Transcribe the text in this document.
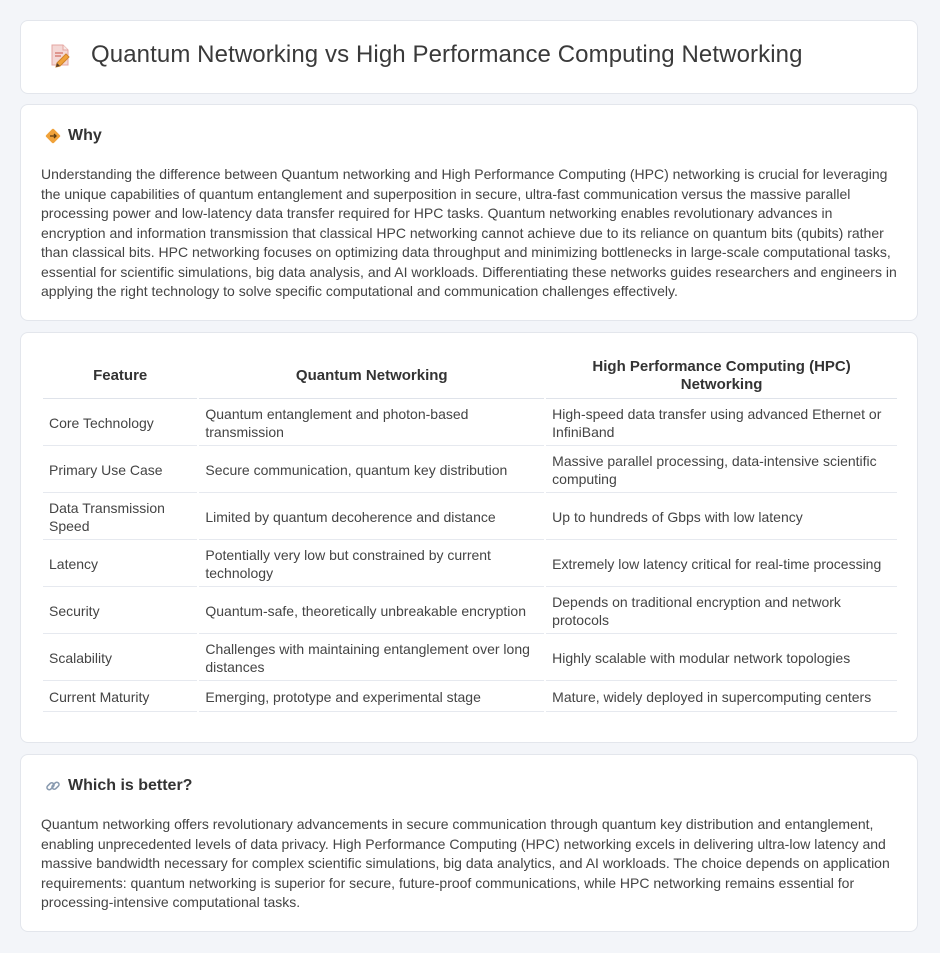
Quantum Networking vs High Performance Computing Networking
Why

Understanding the difference between Quantum networking and High Performance Computing (HPC) networking is crucial for leveraging the unique capabilities of quantum entanglement and superposition in secure, ultra-fast communication versus the massive parallel processing power and low-latency data transfer required for HPC tasks. Quantum networking enables revolutionary advances in encryption and information transmission that classical HPC networking cannot achieve due to its reliance on quantum bits (qubits) rather than classical bits. HPC networking focuses on optimizing data throughput and minimizing bottlenecks in large-scale computational tasks, essential for scientific simulations, big data analysis, and AI workloads. Differentiating these networks guides researchers and engineers in applying the right technology to solve specific computational and communication challenges effectively.

Feature	Quantum Networking	High Performance Computing (HPC) Networking
Core Technology	Quantum entanglement and photon-based transmission	High-speed data transfer using advanced Ethernet or InfiniBand
Primary Use Case	Secure communication, quantum key distribution	Massive parallel processing, data-intensive scientific computing
Data Transmission Speed	Limited by quantum decoherence and distance	Up to hundreds of Gbps with low latency
Latency	Potentially very low but constrained by current technology	Extremely low latency critical for real-time processing
Security	Quantum-safe, theoretically unbreakable encryption	Depends on traditional encryption and network protocols
Scalability	Challenges with maintaining entanglement over long distances	Highly scalable with modular network topologies
Current Maturity	Emerging, prototype and experimental stage	Mature, widely deployed in supercomputing centers
Which is better?

Quantum networking offers revolutionary advancements in secure communication through quantum key distribution and entanglement, enabling unprecedented levels of data privacy. High Performance Computing (HPC) networking excels in delivering ultra-low latency and massive bandwidth necessary for complex scientific simulations, big data analytics, and AI workloads. The choice depends on application requirements: quantum networking is superior for secure, future-proof communications, while HPC networking remains essential for processing-intensive computational tasks.
